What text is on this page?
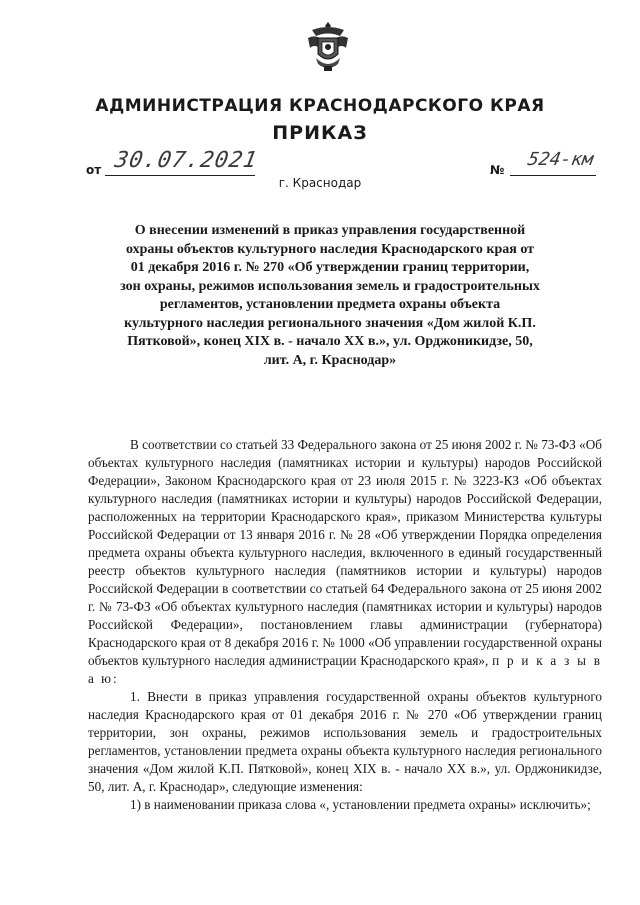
АДМИНИСТРАЦИЯ КРАСНОДАРСКОГО КРАЯ
ПРИКАЗ
от 30.07.2021	№ 524-км
г. Краснодар
О внесении изменений в приказ управления государственной охраны объектов культурного наследия Краснодарского края от 01 декабря 2016 г. № 270 «Об утверждении границ территории, зон охраны, режимов использования земель и градостроительных регламентов, установлении предмета охраны объекта культурного наследия регионального значения «Дом жилой К.П. Пятковой», конец XIX в. - начало XX в.», ул. Орджоникидзе, 50, лит. А, г. Краснодар»

В соответствии со статьей 33 Федерального закона от 25 июня 2002 г. № 73-ФЗ «Об объектах культурного наследия (памятниках истории и культуры) народов Российской Федерации», Законом Краснодарского края от 23 июля 2015 г. № 3223-КЗ «Об объектах культурного наследия (памятниках истории и культуры) народов Российской Федерации, расположенных на территории Краснодарского края», приказом Министерства культуры Российской Федерации от 13 января 2016 г. № 28 «Об утверждении Порядка определения предмета охраны объекта культурного наследия, включенного в единый государственный реестр объектов культурного наследия (памятников истории и культуры) народов Российской Федерации в соответствии со статьей 64 Федерального закона от 25 июня 2002 г. № 73-ФЗ «Об объектах культурного наследия (памятниках истории и культуры) народов Российской Федерации», постановлением главы администрации (губернатора) Краснодарского края от 8 декабря 2016 г. № 1000 «Об управлении государственной охраны объектов культурного наследия администрации Краснодарского края», п р и к а з ы в а ю:

1. Внести в приказ управления государственной охраны объектов культурного наследия Краснодарского края от 01 декабря 2016 г. № 270 «Об утверждении границ территории, зон охраны, режимов использования земель и градостроительных регламентов, установлении предмета охраны объекта культурного наследия регионального значения «Дом жилой К.П. Пятковой», конец XIX в. - начало XX в.», ул. Орджоникидзе, 50, лит. А, г. Краснодар», следующие изменения:

1) в наименовании приказа слова «, установлении предмета охраны» исключить»;
